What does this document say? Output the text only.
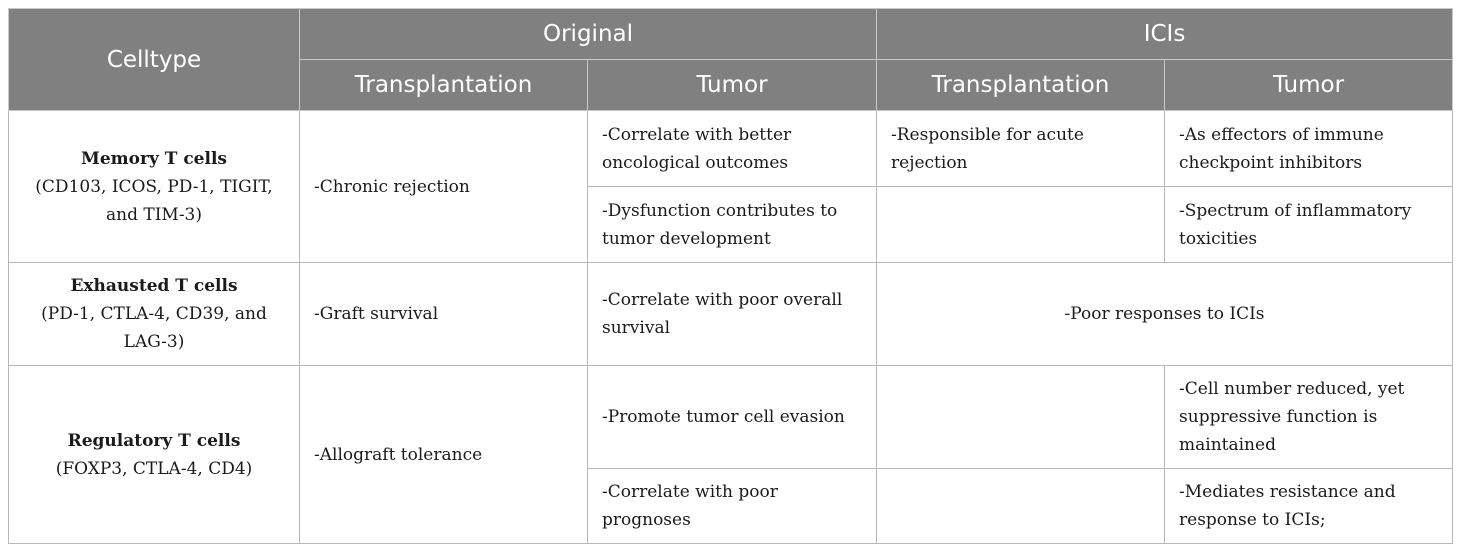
Celltype	Original		ICIs	
	Transplantation	Tumor	Transplantation	Tumor

Memory T cells
(CD103, ICOS, PD-1, TIGIT, and TIM-3)	-Chronic rejection	-Correlate with better oncological outcomes	-Responsible for acute rejection	-As effectors of immune checkpoint inhibitors
		-Dysfunction contributes to tumor development		-Spectrum of inflammatory toxicities

Exhausted T cells
(PD-1, CTLA-4, CD39, and LAG-3)	-Graft survival	-Correlate with poor overall survival	-Poor responses to ICIs	

Regulatory T cells
(FOXP3, CTLA-4, CD4)	-Allograft tolerance	-Promote tumor cell evasion		-Cell number reduced, yet suppressive function is maintained
		-Correlate with poor prognoses		-Mediates resistance and response to ICIs;
